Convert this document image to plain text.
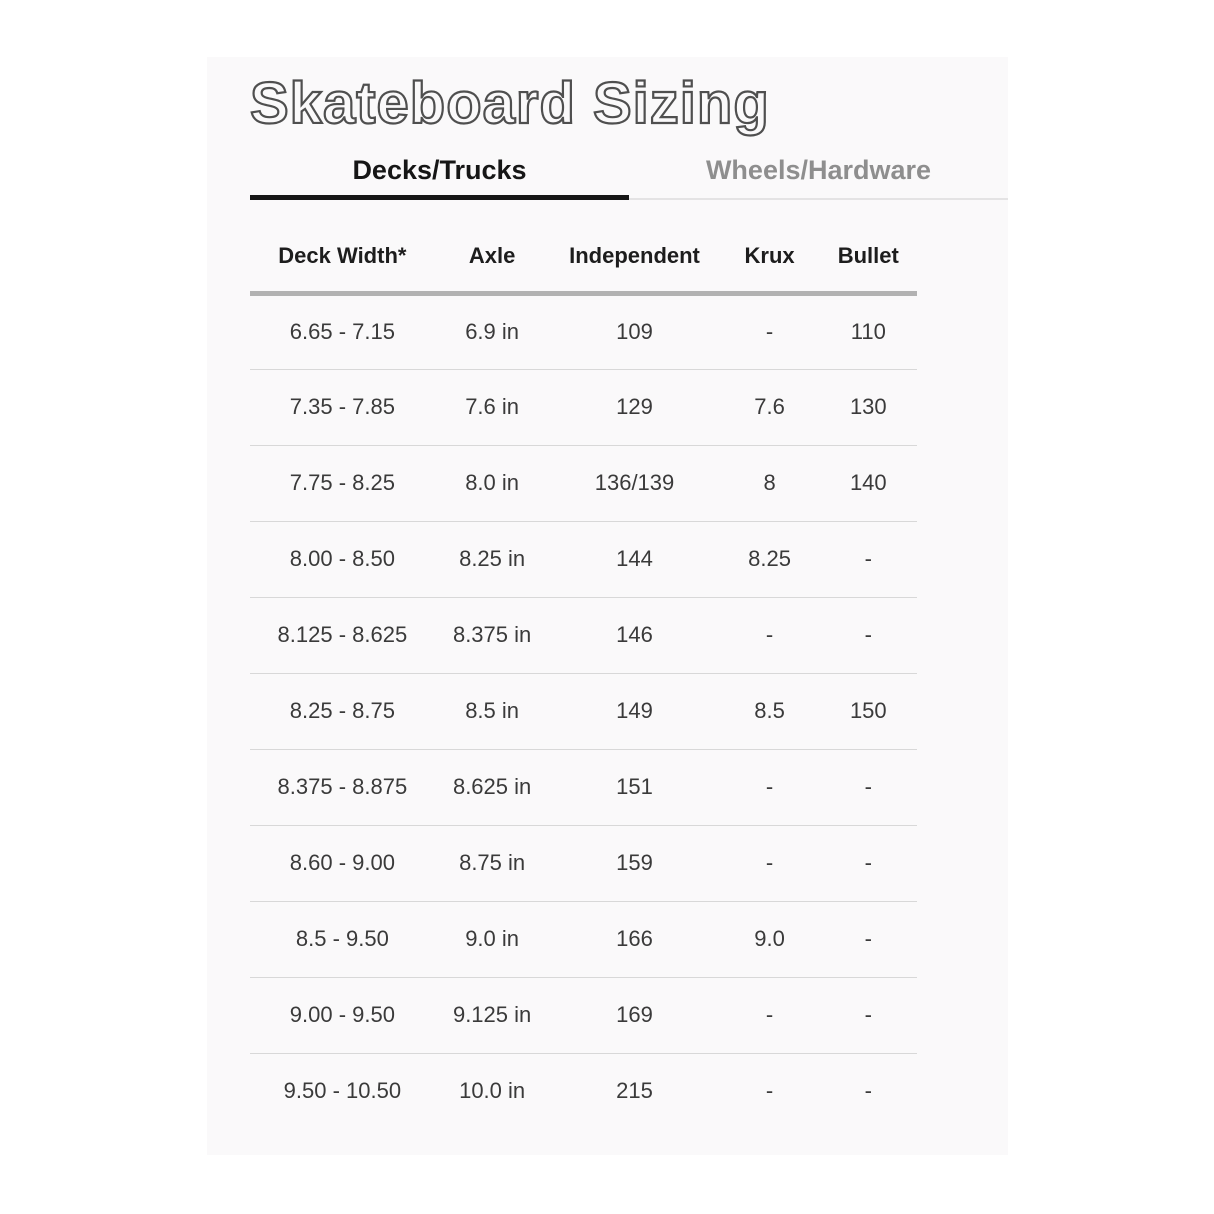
Skateboard Sizing
Decks/Trucks	Wheels/Hardware
Deck Width*	Axle	Independent	Krux	Bullet
6.65 - 7.15	6.9 in	109	-	110
7.35 - 7.85	7.6 in	129	7.6	130
7.75 - 8.25	8.0 in	136/139	8	140
8.00 - 8.50	8.25 in	144	8.25	-
8.125 - 8.625	8.375 in	146	-	-
8.25 - 8.75	8.5 in	149	8.5	150
8.375 - 8.875	8.625 in	151	-	-
8.60 - 9.00	8.75 in	159	-	-
8.5 - 9.50	9.0 in	166	9.0	-
9.00 - 9.50	9.125 in	169	-	-
9.50 - 10.50	10.0 in	215	-	-
